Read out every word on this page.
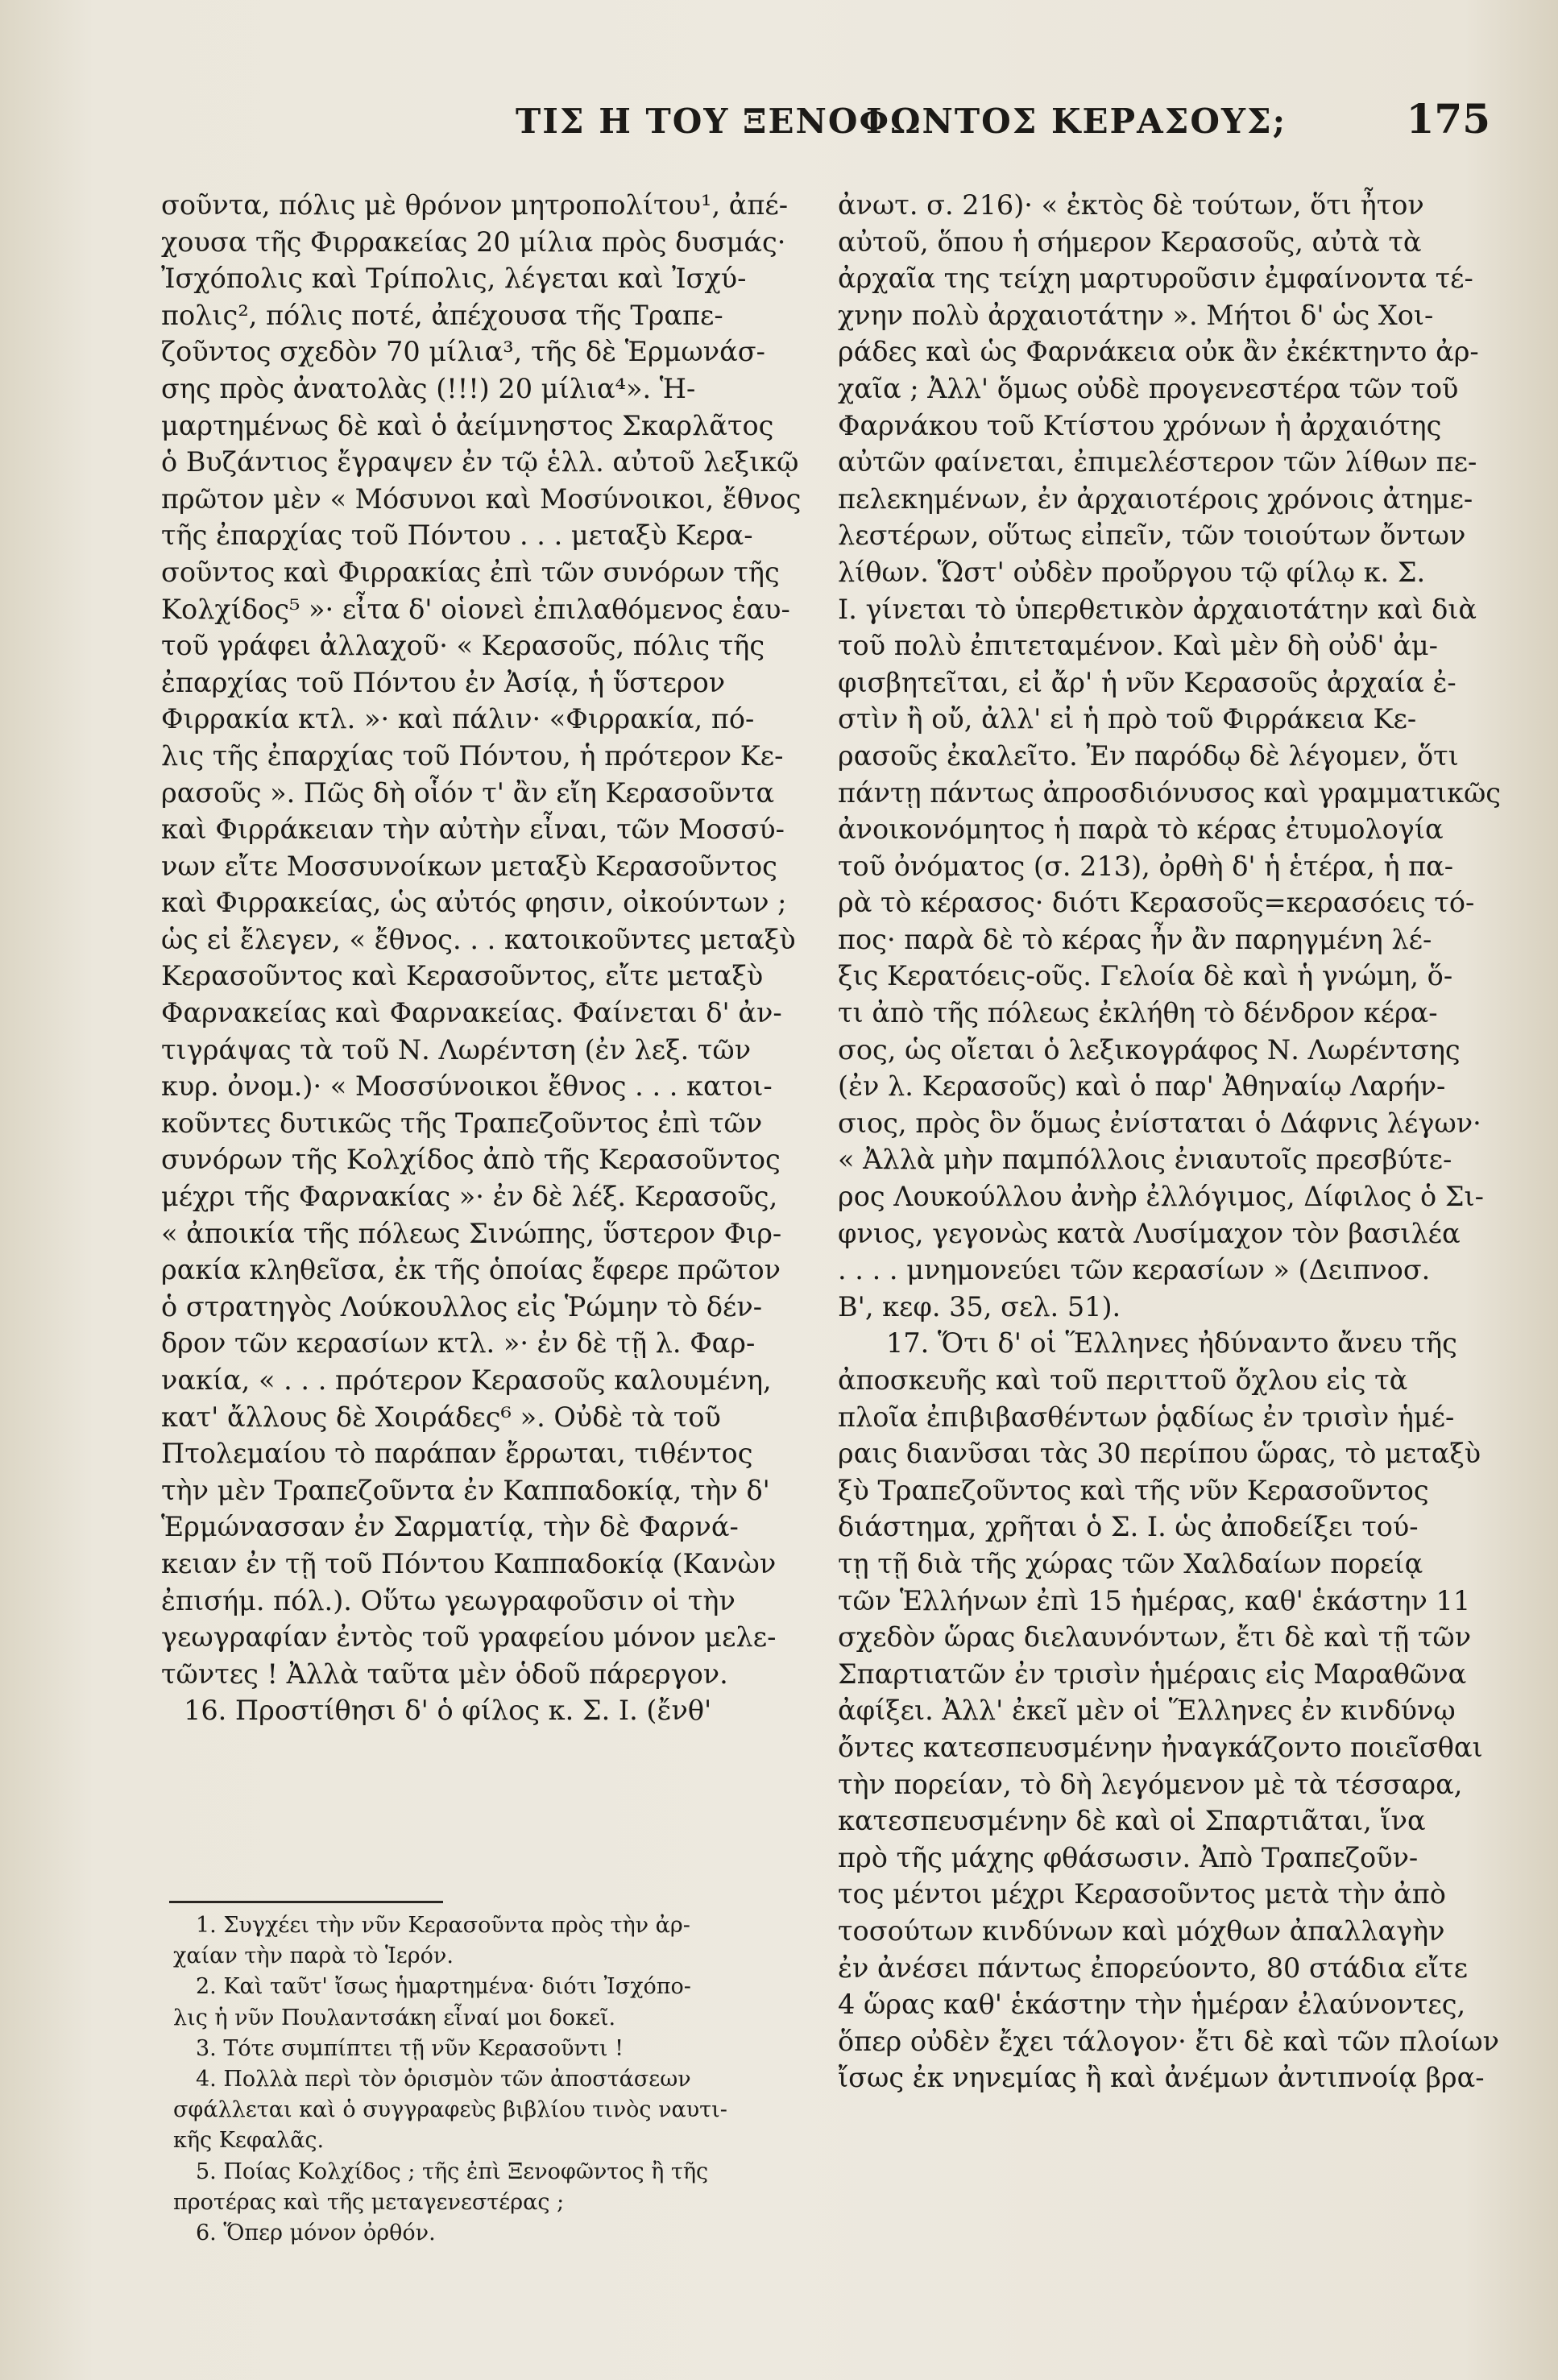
ΤΙΣ Η ΤΟΥ ΞΕΝΟΦΩΝΤΟΣ ΚΕΡΑΣΟΥΣ;	175
σοῦντα, πόλις μὲ θρόνον μητροπολίτου¹, ἀπέ-
χουσα τῆς Φιρρακείας 20 μίλια πρὸς δυσμάς·
Ἰσχόπολις καὶ Τρίπολις, λέγεται καὶ Ἰσχύ-
πολις², πόλις ποτέ, ἀπέχουσα τῆς Τραπε-
ζοῦντος σχεδὸν 70 μίλια³, τῆς δὲ Ἑρμωνάσ-
σης πρὸς ἀνατολὰς (!!!) 20 μίλια⁴». Ἡ-
μαρτημένως δὲ καὶ ὁ ἀείμνηστος Σκαρλᾶτος
ὁ Βυζάντιος ἔγραψεν ἐν τῷ ἑλλ. αὐτοῦ λεξικῷ
πρῶτον μὲν « Μόσυνοι καὶ Μοσύνοικοι, ἔθνος
τῆς ἐπαρχίας τοῦ Πόντου . . . μεταξὺ Κερα-
σοῦντος καὶ Φιρρακίας ἐπὶ τῶν συνόρων τῆς
Κολχίδος⁵ »· εἶτα δ' οἱονεὶ ἐπιλαθόμενος ἑαυ-
τοῦ γράφει ἀλλαχοῦ· « Κερασοῦς, πόλις τῆς
ἐπαρχίας τοῦ Πόντου ἐν Ἀσίᾳ, ἡ ὕστερον
Φιρρακία κτλ. »· καὶ πάλιν· «Φιρρακία, πό-
λις τῆς ἐπαρχίας τοῦ Πόντου, ἡ πρότερον Κε-
ρασοῦς ». Πῶς δὴ οἷόν τ' ἂν εἴη Κερασοῦντα
καὶ Φιρράκειαν τὴν αὐτὴν εἶναι, τῶν Μοσσύ-
νων εἴτε Μοσσυνοίκων μεταξὺ Κερασοῦντος
καὶ Φιρρακείας, ὡς αὐτός φησιν, οἰκούντων ;
ὡς εἰ ἔλεγεν, « ἔθνος. . . κατοικοῦντες μεταξὺ
Κερασοῦντος καὶ Κερασοῦντος, εἴτε μεταξὺ
Φαρνακείας καὶ Φαρνακείας. Φαίνεται δ' ἀν-
τιγράψας τὰ τοῦ Ν. Λωρέντση (ἐν λεξ. τῶν
κυρ. ὀνομ.)· « Μοσσύνοικοι ἔθνος . . . κατοι-
κοῦντες δυτικῶς τῆς Τραπεζοῦντος ἐπὶ τῶν
συνόρων τῆς Κολχίδος ἀπὸ τῆς Κερασοῦντος
μέχρι τῆς Φαρνακίας »· ἐν δὲ λέξ. Κερασοῦς,
« ἀποικία τῆς πόλεως Σινώπης, ὕστερον Φιρ-
ρακία κληθεῖσα, ἐκ τῆς ὁποίας ἔφερε πρῶτον
ὁ στρατηγὸς Λούκουλλος εἰς Ῥώμην τὸ δέν-
δρον τῶν κερασίων κτλ. »· ἐν δὲ τῇ λ. Φαρ-
νακία, « . . . πρότερον Κερασοῦς καλουμένη,
κατ' ἄλλους δὲ Χοιράδες⁶ ». Οὐδὲ τὰ τοῦ
Πτολεμαίου τὸ παράπαν ἔρρωται, τιθέντος
τὴν μὲν Τραπεζοῦντα ἐν Καππαδοκίᾳ, τὴν δ'
Ἑρμώνασσαν ἐν Σαρματίᾳ, τὴν δὲ Φαρνά-
κειαν ἐν τῇ τοῦ Πόντου Καππαδοκίᾳ (Κανὼν
ἐπισήμ. πόλ.). Οὕτω γεωγραφοῦσιν οἱ τὴν
γεωγραφίαν ἐντὸς τοῦ γραφείου μόνον μελε-
τῶντες ! Ἀλλὰ ταῦτα μὲν ὁδοῦ πάρεργον.
16. Προστίθησι δ' ὁ φίλος κ. Σ. Ι. (ἔνθ'
ἀνωτ. σ. 216)· « ἐκτὸς δὲ τούτων, ὅτι ἦτον
αὐτοῦ, ὅπου ἡ σήμερον Κερασοῦς, αὐτὰ τὰ
ἀρχαῖα της τείχη μαρτυροῦσιν ἐμφαίνοντα τέ-
χνην πολὺ ἀρχαιοτάτην ». Μήτοι δ' ὡς Χοι-
ράδες καὶ ὡς Φαρνάκεια οὐκ ἂν ἐκέκτηντο ἀρ-
χαῖα ; Ἀλλ' ὅμως οὐδὲ προγενεστέρα τῶν τοῦ
Φαρνάκου τοῦ Κτίστου χρόνων ἡ ἀρχαιότης
αὐτῶν φαίνεται, ἐπιμελέστερον τῶν λίθων πε-
πελεκημένων, ἐν ἀρχαιοτέροις χρόνοις ἀτημε-
λεστέρων, οὕτως εἰπεῖν, τῶν τοιούτων ὄντων
λίθων. Ὥστ' οὐδὲν προὔργου τῷ φίλῳ κ. Σ.
Ι. γίνεται τὸ ὑπερθετικὸν ἀρχαιοτάτην καὶ διὰ
τοῦ πολὺ ἐπιτεταμένον. Καὶ μὲν δὴ οὐδ' ἀμ-
φισβητεῖται, εἰ ἄρ' ἡ νῦν Κερασοῦς ἀρχαία ἐ-
στὶν ἢ οὔ, ἀλλ' εἰ ἡ πρὸ τοῦ Φιρράκεια Κε-
ρασοῦς ἐκαλεῖτο. Ἐν παρόδῳ δὲ λέγομεν, ὅτι
πάντῃ πάντως ἀπροσδιόνυσος καὶ γραμματικῶς
ἀνοικονόμητος ἡ παρὰ τὸ κέρας ἐτυμολογία
τοῦ ὀνόματος (σ. 213), ὀρθὴ δ' ἡ ἑτέρα, ἡ πα-
ρὰ τὸ κέρασος· διότι Κερασοῦς=κερασόεις τό-
πος· παρὰ δὲ τὸ κέρας ἦν ἂν παρηγμένη λέ-
ξις Κερατόεις-οῦς. Γελοία δὲ καὶ ἡ γνώμη, ὅ-
τι ἀπὸ τῆς πόλεως ἐκλήθη τὸ δένδρον κέρα-
σος, ὡς οἴεται ὁ λεξικογράφος Ν. Λωρέντσης
(ἐν λ. Κερασοῦς) καὶ ὁ παρ' Ἀθηναίῳ Λαρήν-
σιος, πρὸς ὃν ὅμως ἐνίσταται ὁ Δάφνις λέγων·
« Ἀλλὰ μὴν παμπόλλοις ἐνιαυτοῖς πρεσβύτε-
ρος Λουκούλλου ἀνὴρ ἐλλόγιμος, Δίφιλος ὁ Σι-
φνιος, γεγονὼς κατὰ Λυσίμαχον τὸν βασιλέα
. . . . μνημονεύει τῶν κερασίων » (Δειπνοσ.
Β', κεφ. 35, σελ. 51).
17. Ὅτι δ' οἱ Ἕλληνες ἠδύναντο ἄνευ τῆς
ἀποσκευῆς καὶ τοῦ περιττοῦ ὄχλου εἰς τὰ
πλοῖα ἐπιβιβασθέντων ῥᾳδίως ἐν τρισὶν ἡμέ-
ραις διανῦσαι τὰς 30 περίπου ὥρας, τὸ μεταξὺ
ξὺ Τραπεζοῦντος καὶ τῆς νῦν Κερασοῦντος
διάστημα, χρῆται ὁ Σ. Ι. ὡς ἀποδείξει τού-
τῃ τῇ διὰ τῆς χώρας τῶν Χαλδαίων πορείᾳ
τῶν Ἑλλήνων ἐπὶ 15 ἡμέρας, καθ' ἑκάστην 11
σχεδὸν ὥρας διελαυνόντων, ἔτι δὲ καὶ τῇ τῶν
Σπαρτιατῶν ἐν τρισὶν ἡμέραις εἰς Μαραθῶνα
ἀφίξει. Ἀλλ' ἐκεῖ μὲν οἱ Ἕλληνες ἐν κινδύνῳ
ὄντες κατεσπευσμένην ἠναγκάζοντο ποιεῖσθαι
τὴν πορείαν, τὸ δὴ λεγόμενον μὲ τὰ τέσσαρα,
κατεσπευσμένην δὲ καὶ οἱ Σπαρτιᾶται, ἵνα
πρὸ τῆς μάχης φθάσωσιν. Ἀπὸ Τραπεζοῦν-
τος μέντοι μέχρι Κερασοῦντος μετὰ τὴν ἀπὸ
τοσούτων κινδύνων καὶ μόχθων ἀπαλλαγὴν
ἐν ἀνέσει πάντως ἐπορεύοντο, 80 στάδια εἴτε
4 ὥρας καθ' ἑκάστην τὴν ἡμέραν ἐλαύνοντες,
ὅπερ οὐδὲν ἔχει τάλογον· ἔτι δὲ καὶ τῶν πλοίων
ἴσως ἐκ νηνεμίας ἢ καὶ ἀνέμων ἀντιπνοίᾳ βρα-
1. Συγχέει τὴν νῦν Κερασοῦντα πρὸς τὴν ἀρ-
χαίαν τὴν παρὰ τὸ Ἱερόν.
2. Καὶ ταῦτ' ἴσως ἡμαρτημένα· διότι Ἰσχόπο-
λις ἡ νῦν Πουλαντσάκη εἶναί μοι δοκεῖ.
3. Τότε συμπίπτει τῇ νῦν Κερασοῦντι !
4. Πολλὰ περὶ τὸν ὁρισμὸν τῶν ἀποστάσεων
σφάλλεται καὶ ὁ συγγραφεὺς βιβλίου τινὸς ναυτι-
κῆς Κεφαλᾶς.
5. Ποίας Κολχίδος ; τῆς ἐπὶ Ξενοφῶντος ἢ τῆς
προτέρας καὶ τῆς μεταγενεστέρας ;
6. Ὅπερ μόνον ὀρθόν.
